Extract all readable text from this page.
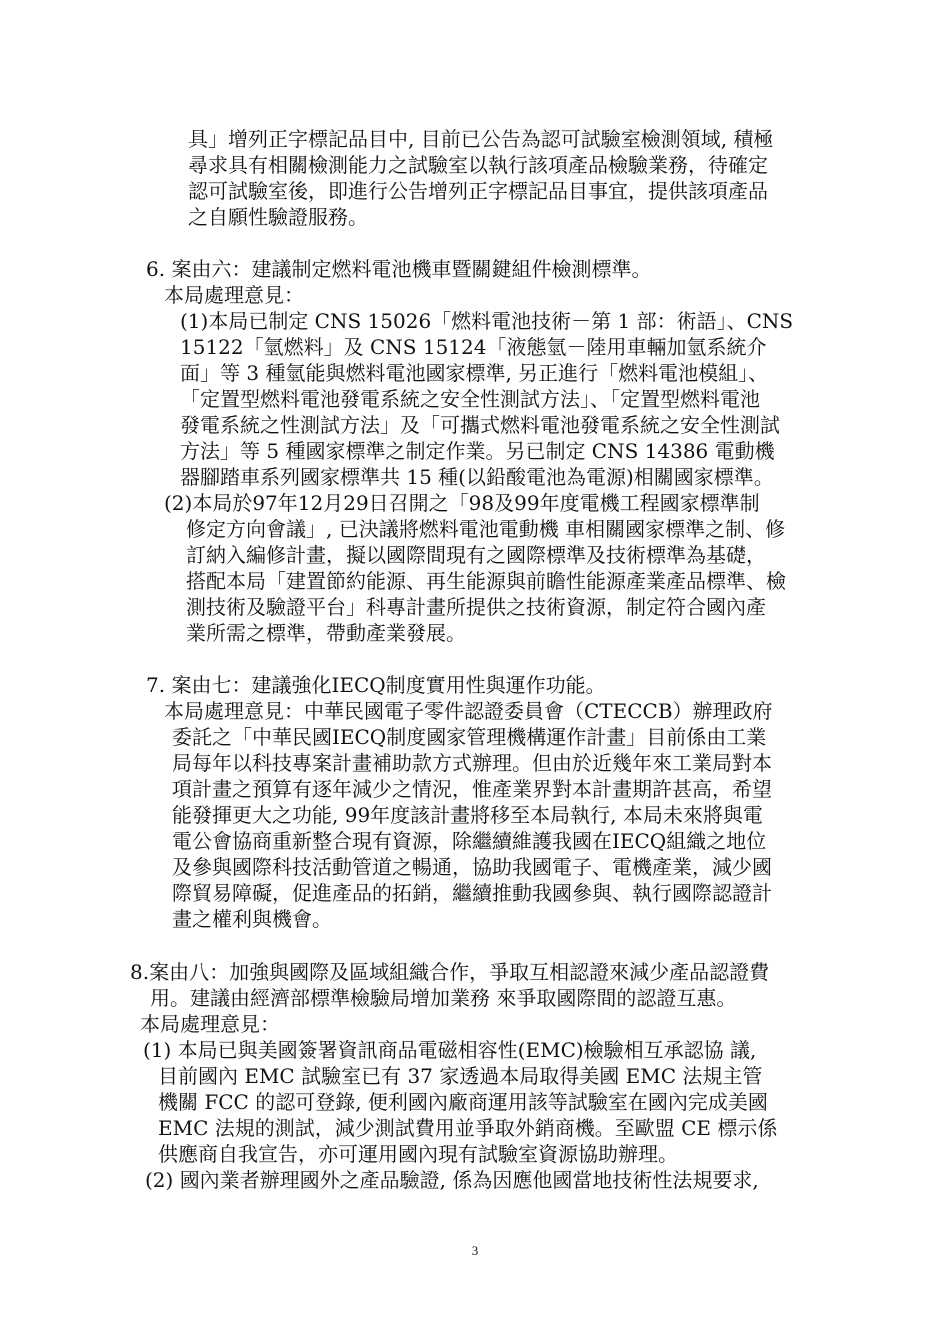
具」增列正字標記品目中, 目前已公告為認可試驗室檢測領域, 積極
尋求具有相關檢測能力之試驗室以執行該項產品檢驗業務，待確定
認可試驗室後，即進行公告增列正字標記品目事宜，提供該項產品
之自願性驗證服務。
6. 案由六：建議制定燃料電池機車暨關鍵組件檢測標準。
本局處理意見：
(1)本局已制定 CNS 15026「燃料電池技術－第 1 部：術語」、CNS
15122「氫燃料」及 CNS 15124「液態氫－陸用車輛加氫系統介
面」等 3 種氫能與燃料電池國家標準, 另正進行「燃料電池模組」、
「定置型燃料電池發電系統之安全性測試方法」、「定置型燃料電池
發電系統之性測試方法」及「可攜式燃料電池發電系統之安全性測試
方法」等 5 種國家標準之制定作業。另已制定 CNS 14386 電動機
器腳踏車系列國家標準共 15 種(以鉛酸電池為電源)相關國家標準。
(2)本局於97年12月29日召開之「98及99年度電機工程國家標準制
修定方向會議」, 已決議將燃料電池電動機 車相關國家標準之制、修
訂納入編修計畫，擬以國際間現有之國際標準及技術標準為基礎，
搭配本局「建置節約能源、再生能源與前瞻性能源產業產品標準、檢
測技術及驗證平台」科專計畫所提供之技術資源，制定符合國內產
業所需之標準，帶動產業發展。
7. 案由七：建議強化IECQ制度實用性與運作功能。
本局處理意見：中華民國電子零件認證委員會（CTECCB）辦理政府
委託之「中華民國IECQ制度國家管理機構運作計畫」目前係由工業
局每年以科技專案計畫補助款方式辦理。但由於近幾年來工業局對本
項計畫之預算有逐年減少之情況，惟產業界對本計畫期許甚高，希望
能發揮更大之功能, 99年度該計畫將移至本局執行, 本局未來將與電
電公會協商重新整合現有資源，除繼續維護我國在IECQ組織之地位
及參與國際科技活動管道之暢通，協助我國電子、電機產業，減少國
際貿易障礙，促進產品的拓銷，繼續推動我國參與、執行國際認證計
畫之權利與機會。
8.案由八：加強與國際及區域組織合作，爭取互相認證來減少產品認證費
用。建議由經濟部標準檢驗局增加業務 來爭取國際間的認證互惠。
本局處理意見：
(1) 本局已與美國簽署資訊商品電磁相容性(EMC)檢驗相互承認協 議,
目前國內 EMC 試驗室已有 37 家透過本局取得美國 EMC 法規主管
機關 FCC 的認可登錄, 便利國內廠商運用該等試驗室在國內完成美國
EMC 法規的測試，減少測試費用並爭取外銷商機。至歐盟 CE 標示係
供應商自我宣告，亦可運用國內現有試驗室資源協助辦理。
(2) 國內業者辦理國外之產品驗證, 係為因應他國當地技術性法規要求,
3
